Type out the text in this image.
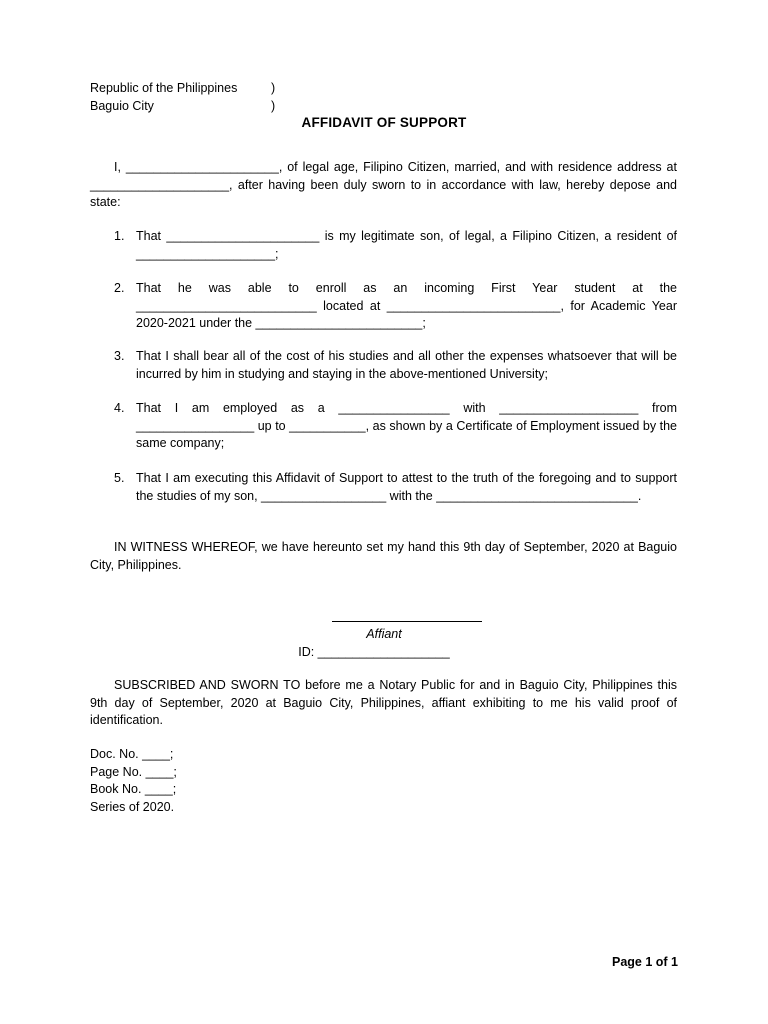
Republic of the Philippines	)
Baguio City	)
AFFIDAVIT OF SUPPORT
I, ______________________, of legal age, Filipino Citizen, married, and with residence address at ____________________, after having been duly sworn to in accordance with law, hereby depose and state:
1. That ______________________ is my legitimate son, of legal, a Filipino Citizen, a resident of ____________________;
2. That he was able to enroll as an incoming First Year student at the __________________________ located at _________________________, for Academic Year 2020-2021 under the ________________________;
3. That I shall bear all of the cost of his studies and all other the expenses whatsoever that will be incurred by him in studying and staying in the above-mentioned University;
4. That I am employed as a ________________ with ____________________ from _________________ up to ___________, as shown by a Certificate of Employment issued by the same company;
5. That I am executing this Affidavit of Support to attest to the truth of the foregoing and to support the studies of my son, __________________ with the _____________________________.
IN WITNESS WHEREOF, we have hereunto set my hand this 9th day of September, 2020 at Baguio City, Philippines.
Affiant
ID: ___________________
SUBSCRIBED AND SWORN TO before me a Notary Public for and in Baguio City, Philippines this 9th day of September, 2020 at Baguio City, Philippines, affiant exhibiting to me his valid proof of identification.
Doc. No. ____;
Page No. ____;
Book No. ____;
Series of 2020.
Page 1 of 1
